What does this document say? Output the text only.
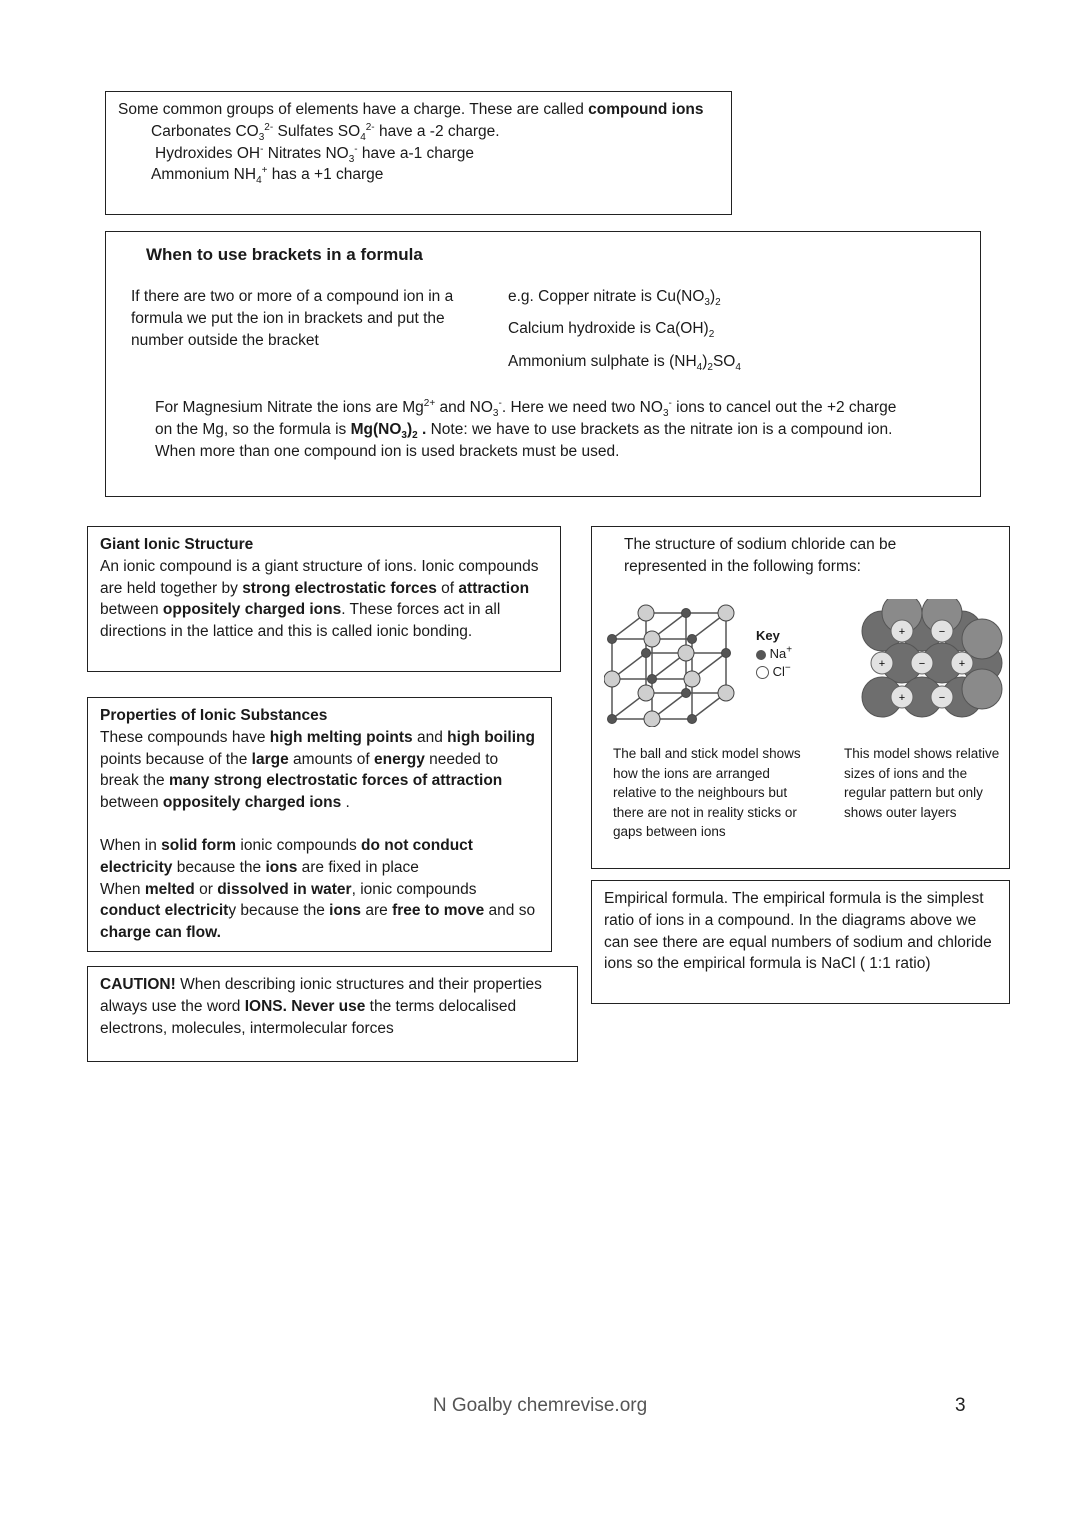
Some common groups of elements have a charge. These are called compound ions
Carbonates $CO_3^{2-}$ Sulfates $SO_4^{2-}$ have a -2 charge.
Hydroxides OH- Nitrates $NO_3^-$ have a-1 charge
Ammonium $NH_4^+$ has a +1 charge
When to use brackets in a formula
If there are two or more of a compound ion in a formula we put the ion in brackets and put the number outside the bracket
e.g. Copper nitrate is $Cu(NO_3)_2$
Calcium hydroxide is $Ca(OH)_2$
Ammonium sulphate is $(NH_4)_2SO_4$
For Magnesium Nitrate the ions are $Mg^{2+}$ and $NO_3^-$. Here we need two $NO_3^-$ ions to cancel out the +2 charge on the Mg, so the formula is $Mg(NO_3)_2$ . Note: we have to use brackets as the nitrate ion is a compound ion. When more than one compound ion is used brackets must be used.
Giant Ionic Structure
An ionic compound is a giant structure of ions. Ionic compounds are held together by strong electrostatic forces of attraction between oppositely charged ions. These forces act in all directions in the lattice and this is called ionic bonding.
Properties of Ionic Substances
These compounds have high melting points and high boiling points because of the large amounts of energy needed to break the many strong electrostatic forces of attraction between oppositely charged ions .
When in solid form ionic compounds do not conduct electricity because the ions are fixed in place
When melted or dissolved in water, ionic compounds conduct electricity because the ions are free to move and so charge can flow.
CAUTION! When describing ionic structures and their properties always use the word IONS. Never use the terms delocalised electrons, molecules, intermolecular forces
The structure of sodium chloride can be represented in the following forms:
Key
Na+
Cl−
+	−
+	−	+
+	−
The ball and stick model shows how the ions are arranged relative to the neighbours but there are not in reality sticks or gaps between ions
This model shows relative sizes of ions and the regular pattern but only shows outer layers
Empirical formula. The empirical formula is the simplest ratio of ions in a compound. In the diagrams above we can see there are equal numbers of sodium and chloride ions so the empirical formula is NaCl ( 1:1 ratio)
N Goalby chemrevise.org	3
